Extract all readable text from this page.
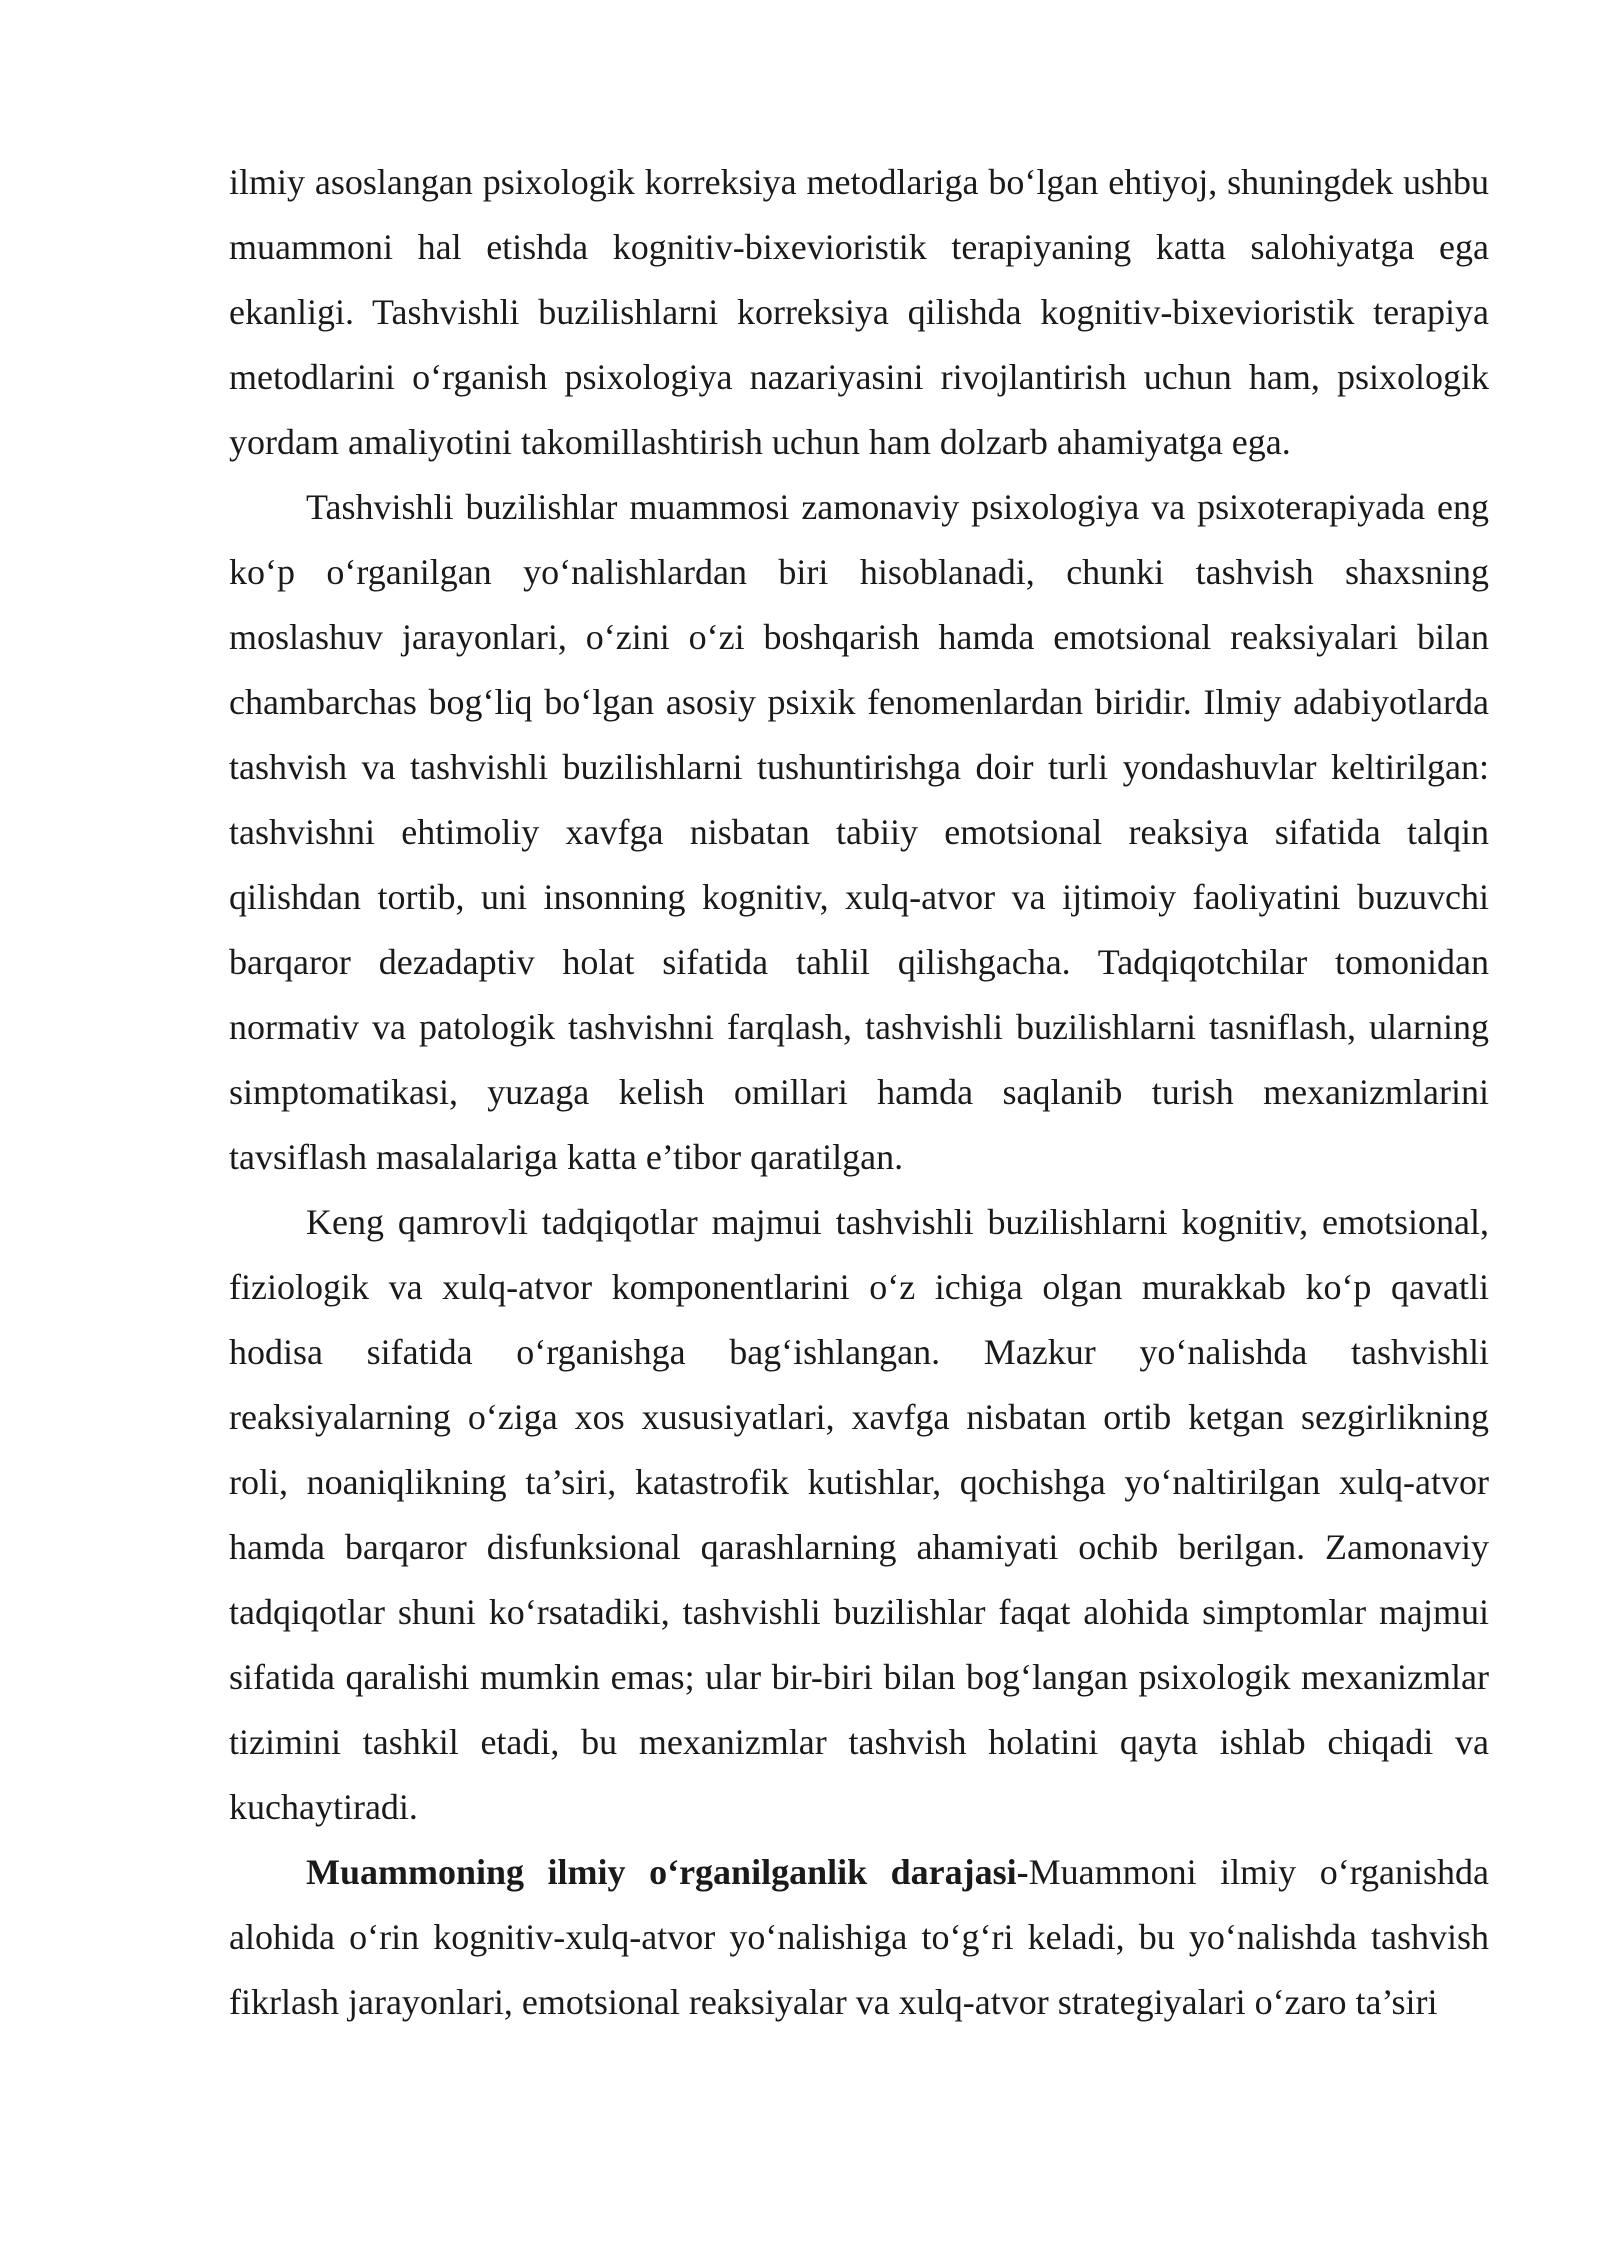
ilmiy asoslangan psixologik korreksiya metodlariga bo‘lgan ehtiyoj, shuningdek ushbu muammoni hal etishda kognitiv-bixevioristik terapiyaning katta salohiyatga ega ekanligi. Tashvishli buzilishlarni korreksiya qilishda kognitiv-bixevioristik terapiya metodlarini o‘rganish psixologiya nazariyasini rivojlantirish uchun ham, psixologik yordam amaliyotini takomillashtirish uchun ham dolzarb ahamiyatga ega.

Tashvishli buzilishlar muammosi zamonaviy psixologiya va psixoterapiyada eng ko‘p o‘rganilgan yo‘nalishlardan biri hisoblanadi, chunki tashvish shaxsning moslashuv jarayonlari, o‘zini o‘zi boshqarish hamda emotsional reaksiyalari bilan chambarchas bog‘liq bo‘lgan asosiy psixik fenomenlardan biridir. Ilmiy adabiyotlarda tashvish va tashvishli buzilishlarni tushuntirishga doir turli yondashuvlar keltirilgan: tashvishni ehtimoliy xavfga nisbatan tabiiy emotsional reaksiya sifatida talqin qilishdan tortib, uni insonning kognitiv, xulq-atvor va ijtimoiy faoliyatini buzuvchi barqaror dezadaptiv holat sifatida tahlil qilishgacha. Tadqiqotchilar tomonidan normativ va patologik tashvishni farqlash, tashvishli buzilishlarni tasniflash, ularning simptomatikasi, yuzaga kelish omillari hamda saqlanib turish mexanizmlarini tavsiflash masalalariga katta e’tibor qaratilgan.

Keng qamrovli tadqiqotlar majmui tashvishli buzilishlarni kognitiv, emotsional, fiziologik va xulq-atvor komponentlarini o‘z ichiga olgan murakkab ko‘p qavatli hodisa sifatida o‘rganishga bag‘ishlangan. Mazkur yo‘nalishda tashvishli reaksiyalarning o‘ziga xos xususiyatlari, xavfga nisbatan ortib ketgan sezgirlikning roli, noaniqlikning ta’siri, katastrofik kutishlar, qochishga yo‘naltirilgan xulq-atvor hamda barqaror disfunksional qarashlarning ahamiyati ochib berilgan. Zamonaviy tadqiqotlar shuni ko‘rsatadiki, tashvishli buzilishlar faqat alohida simptomlar majmui sifatida qaralishi mumkin emas; ular bir-biri bilan bog‘langan psixologik mexanizmlar tizimini tashkil etadi, bu mexanizmlar tashvish holatini qayta ishlab chiqadi va kuchaytiradi.

Muammoning ilmiy o‘rganilganlik darajasi-Muammoni ilmiy o‘rganishda alohida o‘rin kognitiv-xulq-atvor yo‘nalishiga to‘g‘ri keladi, bu yo‘nalishda tashvish fikrlash jarayonlari, emotsional reaksiyalar va xulq-atvor strategiyalari o‘zaro ta’siri
